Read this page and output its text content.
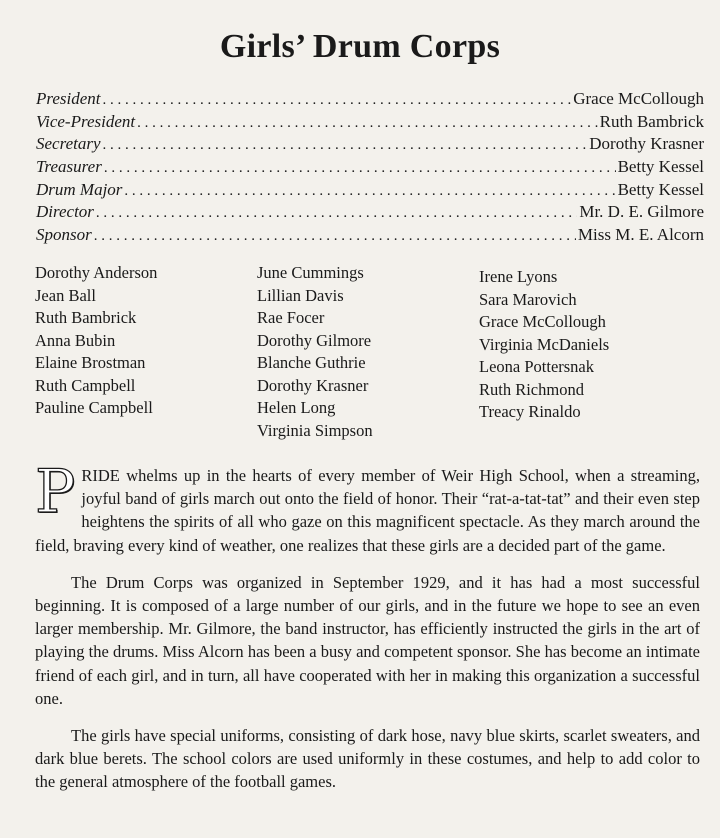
Girls’ Drum Corps
President . . .	Grace McCollough
Vice-President . . .	Ruth Bambrick
Secretary . . .	Dorothy Krasner
Treasurer . . .	Betty Kessel
Drum Major . . .	Betty Kessel
Director . . .	Mr. D. E. Gilmore
Sponsor . . .	Miss M. E. Alcorn
Dorothy Anderson
Jean Ball
Ruth Bambrick
Anna Bubin
Elaine Brostman
Ruth Campbell
Pauline Campbell
June Cummings
Lillian Davis
Rae Focer
Dorothy Gilmore
Blanche Guthrie
Dorothy Krasner
Helen Long
Virginia Simpson
Irene Lyons
Sara Marovich
Grace McCollough
Virginia McDaniels
Leona Pottersnak
Ruth Richmond
Treacy Rinaldo

PRIDE whelms up in the hearts of every member of Weir High School, when a streaming, joyful band of girls march out onto the field of honor. Their “rat-a-tat-tat” and their even step heightens the spirits of all who gaze on this magnificent spectacle. As they march around the field, braving every kind of weather, one realizes that these girls are a decided part of the game.

The Drum Corps was organized in September 1929, and it has had a most successful beginning. It is composed of a large number of our girls, and in the future we hope to see an even larger membership. Mr. Gilmore, the band instructor, has efficiently instructed the girls in the art of playing the drums. Miss Alcorn has been a busy and competent sponsor. She has become an intimate friend of each girl, and in turn, all have cooperated with her in making this organization a successful one.

The girls have special uniforms, consisting of dark hose, navy blue skirts, scarlet sweaters, and dark blue berets. The school colors are used uniformly in these costumes, and help to add color to the general atmosphere of the football games.
